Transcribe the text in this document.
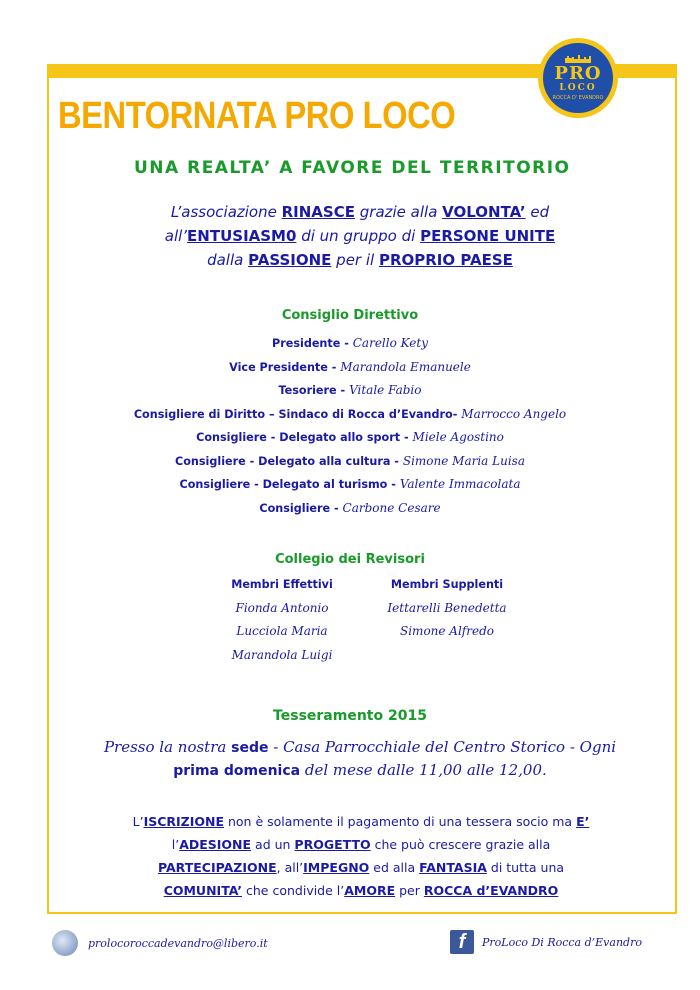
PRO
LOCO
ROCCA D' EVANDRO
BENTORNATA PRO LOCO
UNA REALTA’ A FAVORE DEL TERRITORIO
L’associazione RINASCE grazie alla VOLONTA’ ed
all’ENTUSIASM0 di un gruppo di PERSONE UNITE
dalla PASSIONE per il PROPRIO PAESE
Consiglio Direttivo
Presidente - Carello Kety
Vice Presidente - Marandola Emanuele
Tesoriere - Vitale Fabio
Consigliere di Diritto – Sindaco di Rocca d’Evandro- Marrocco Angelo
Consigliere - Delegato allo sport - Miele Agostino
Consigliere - Delegato alla cultura - Simone Maria Luisa
Consigliere - Delegato al turismo - Valente Immacolata
Consigliere - Carbone Cesare
Collegio dei Revisori
Membri Effettivi
Fionda Antonio
Lucciola Maria
Marandola Luigi
Membri Supplenti
Iettarelli Benedetta
Simone Alfredo
Tesseramento 2015
Presso la nostra sede - Casa Parrocchiale del Centro Storico - Ogni
prima domenica del mese dalle 11,00 alle 12,00.
L’ISCRIZIONE non è solamente il pagamento di una tessera socio ma E’
l’ADESIONE ad un PROGETTO che può crescere grazie alla
PARTECIPAZIONE, all’IMPEGNO ed alla FANTASIA di tutta una
COMUNITA’ che condivide l’AMORE per ROCCA d’EVANDRO
prolocoroccadevandro@libero.it	f	ProLoco Di Rocca d’Evandro
